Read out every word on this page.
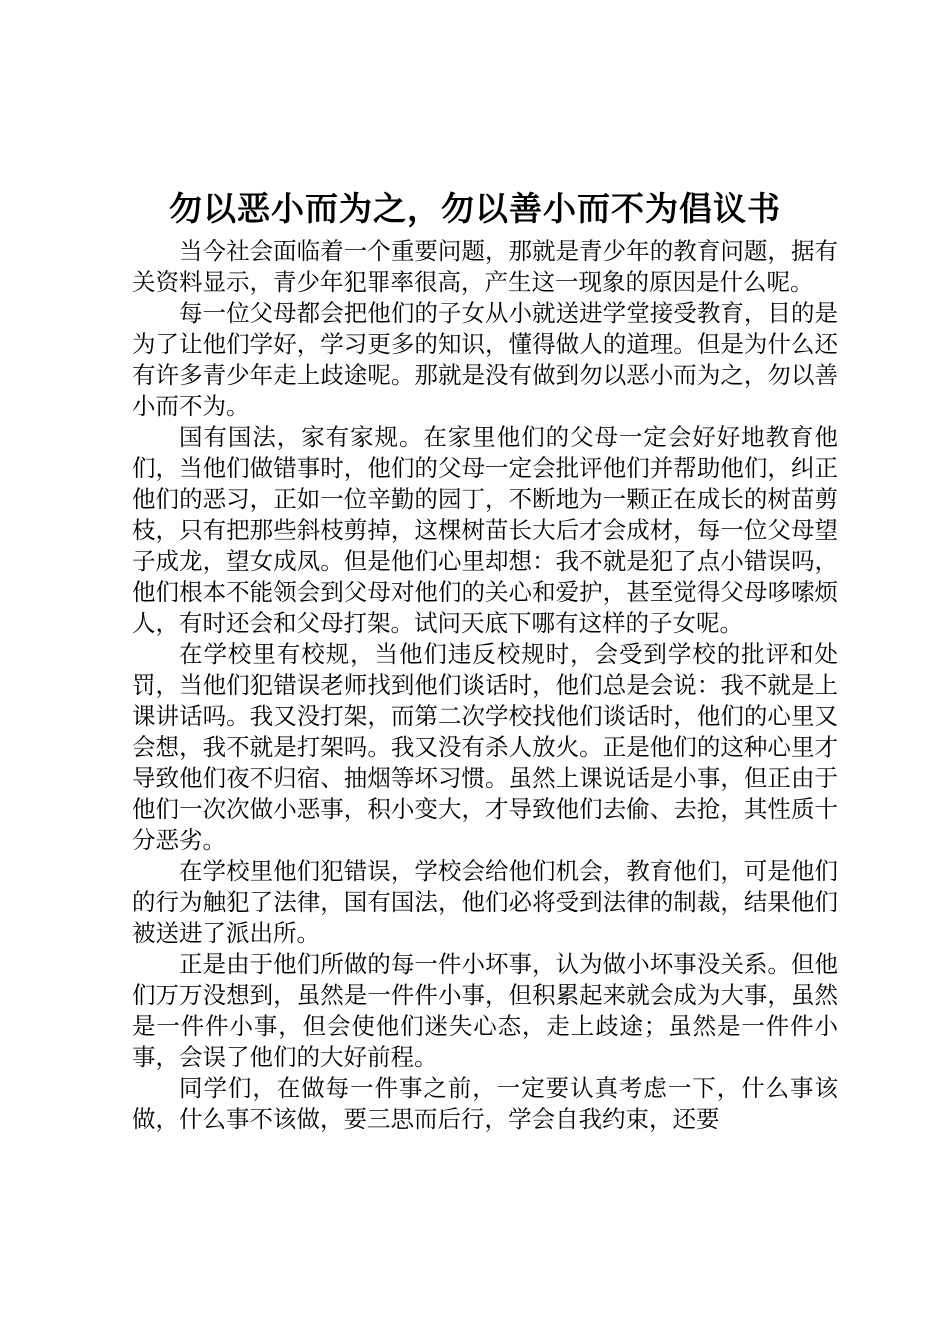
勿以恶小而为之，勿以善小而不为倡议书

当今社会面临着一个重要问题，那就是青少年的教育问题，据有关资料显示，青少年犯罪率很高，产生这一现象的原因是什么呢。

每一位父母都会把他们的子女从小就送进学堂接受教育，目的是为了让他们学好，学习更多的知识，懂得做人的道理。但是为什么还有许多青少年走上歧途呢。那就是没有做到勿以恶小而为之，勿以善小而不为。

国有国法，家有家规。在家里他们的父母一定会好好地教育他们，当他们做错事时，他们的父母一定会批评他们并帮助他们，纠正他们的恶习，正如一位辛勤的园丁，不断地为一颗正在成长的树苗剪枝，只有把那些斜枝剪掉，这棵树苗长大后才会成材，每一位父母望子成龙，望女成凤。但是他们心里却想：我不就是犯了点小错误吗，他们根本不能领会到父母对他们的关心和爱护，甚至觉得父母哆嗦烦人，有时还会和父母打架。试问天底下哪有这样的子女呢。

在学校里有校规，当他们违反校规时，会受到学校的批评和处罚，当他们犯错误老师找到他们谈话时，他们总是会说：我不就是上课讲话吗。我又没打架，而第二次学校找他们谈话时，他们的心里又会想，我不就是打架吗。我又没有杀人放火。正是他们的这种心里才导致他们夜不归宿、抽烟等坏习惯。虽然上课说话是小事，但正由于他们一次次做小恶事，积小变大，才导致他们去偷、去抢，其性质十分恶劣。

在学校里他们犯错误，学校会给他们机会，教育他们，可是他们的行为触犯了法律，国有国法，他们必将受到法律的制裁，结果他们被送进了派出所。

正是由于他们所做的每一件小坏事，认为做小坏事没关系。但他们万万没想到，虽然是一件件小事，但积累起来就会成为大事，虽然是一件件小事，但会使他们迷失心态，走上歧途；虽然是一件件小事，会误了他们的大好前程。

同学们，在做每一件事之前，一定要认真考虑一下，什么事该做，什么事不该做，要三思而后行，学会自我约束，还要
